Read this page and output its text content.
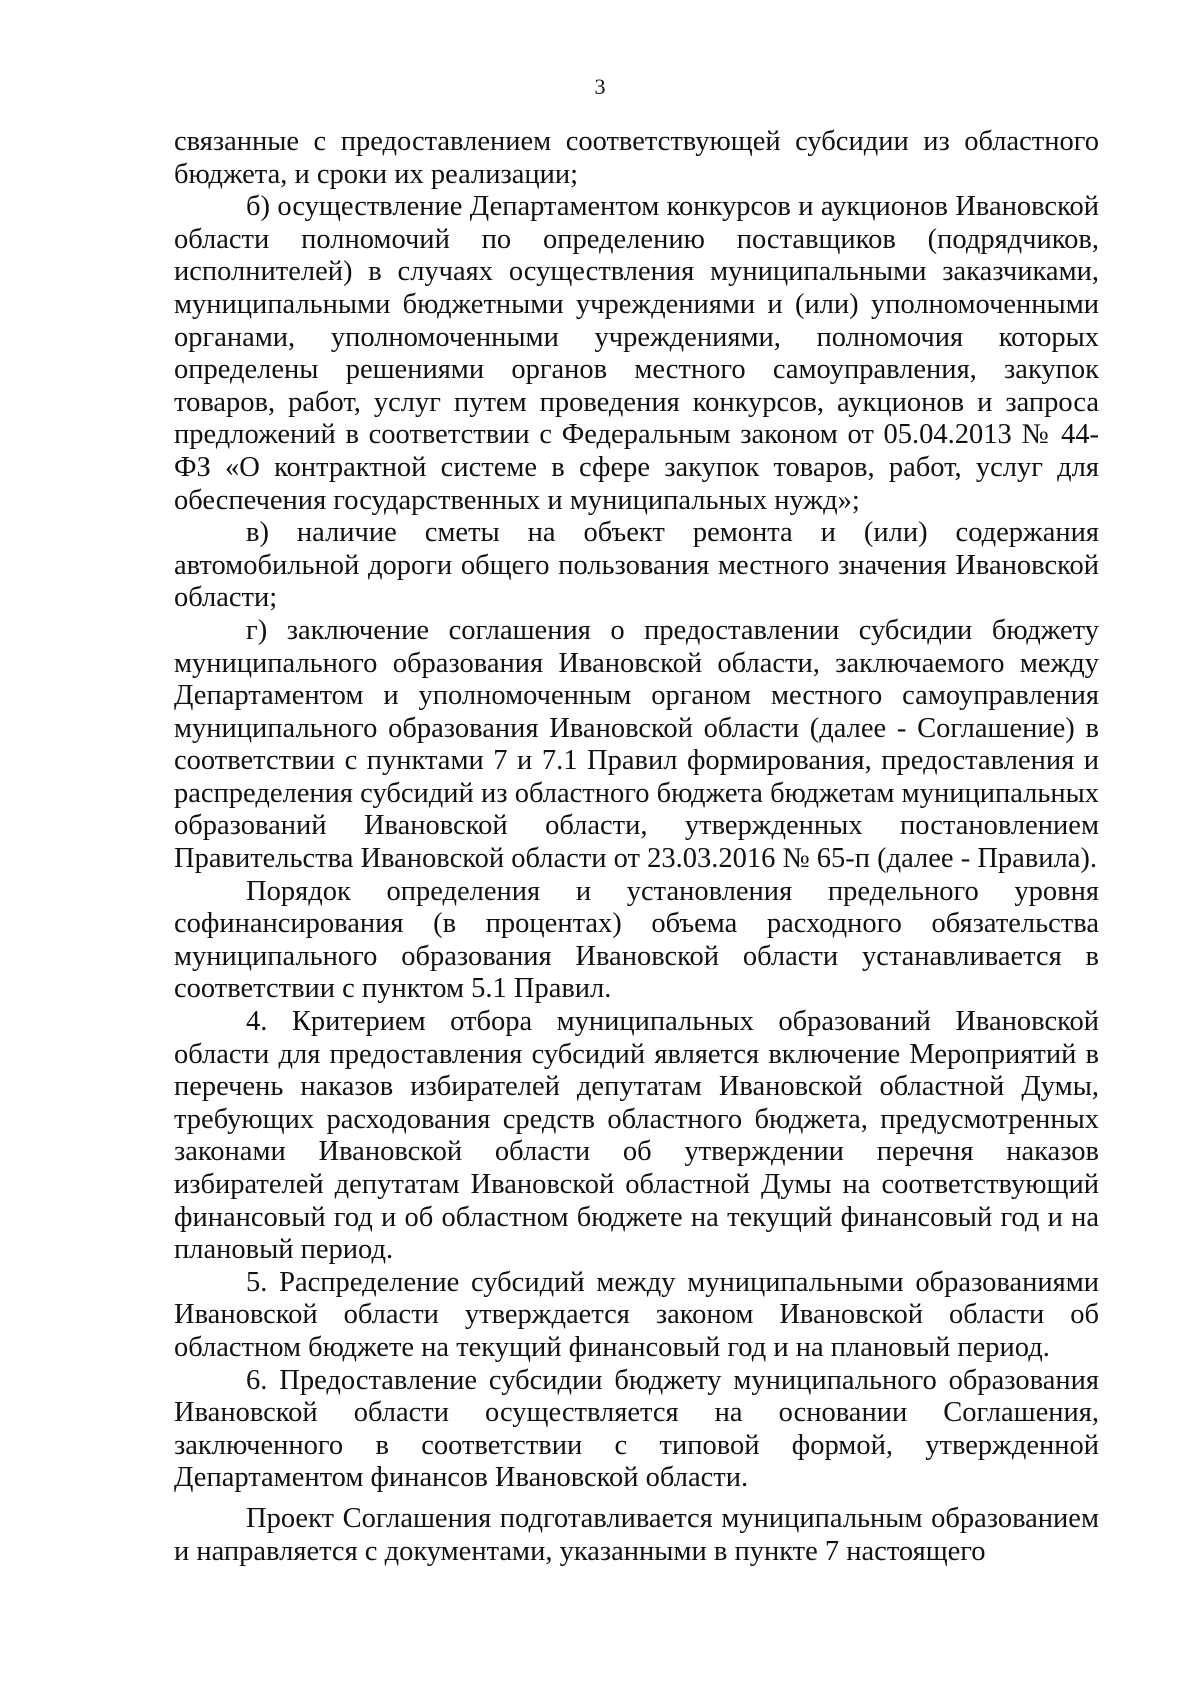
3

связанные с предоставлением соответствующей субсидии из областного бюджета, и сроки их реализации;

б) осуществление Департаментом конкурсов и аукционов Ивановской области полномочий по определению поставщиков (подрядчиков, исполнителей) в случаях осуществления муниципальными заказчиками, муниципальными бюджетными учреждениями и (или) уполномоченными органами, уполномоченными учреждениями, полномочия которых определены решениями органов местного самоуправления, закупок товаров, работ, услуг путем проведения конкурсов, аукционов и запроса предложений в соответствии с Федеральным законом от 05.04.2013 № 44-ФЗ «О контрактной системе в сфере закупок товаров, работ, услуг для обеспечения государственных и муниципальных нужд»;

в) наличие сметы на объект ремонта и (или) содержания автомобильной дороги общего пользования местного значения Ивановской области;

г) заключение соглашения о предоставлении субсидии бюджету муниципального образования Ивановской области, заключаемого между Департаментом и уполномоченным органом местного самоуправления муниципального образования Ивановской области (далее - Соглашение) в соответствии с пунктами 7 и 7.1 Правил формирования, предоставления и распределения субсидий из областного бюджета бюджетам муниципальных образований Ивановской области, утвержденных постановлением Правительства Ивановской области от 23.03.2016 № 65-п (далее - Правила).

Порядок определения и установления предельного уровня софинансирования (в процентах) объема расходного обязательства муниципального образования Ивановской области устанавливается в соответствии с пунктом 5.1 Правил.

4. Критерием отбора муниципальных образований Ивановской области для предоставления субсидий является включение Мероприятий в перечень наказов избирателей депутатам Ивановской областной Думы, требующих расходования средств областного бюджета, предусмотренных законами Ивановской области об утверждении перечня наказов избирателей депутатам Ивановской областной Думы на соответствующий финансовый год и об областном бюджете на текущий финансовый год и на плановый период.

5. Распределение субсидий между муниципальными образованиями Ивановской области утверждается законом Ивановской области об областном бюджете на текущий финансовый год и на плановый период.

6. Предоставление субсидии бюджету муниципального образования Ивановской области осуществляется на основании Соглашения, заключенного в соответствии с типовой формой, утвержденной Департаментом финансов Ивановской области.

Проект Соглашения подготавливается муниципальным образованием и направляется с документами, указанными в пункте 7 настоящего
